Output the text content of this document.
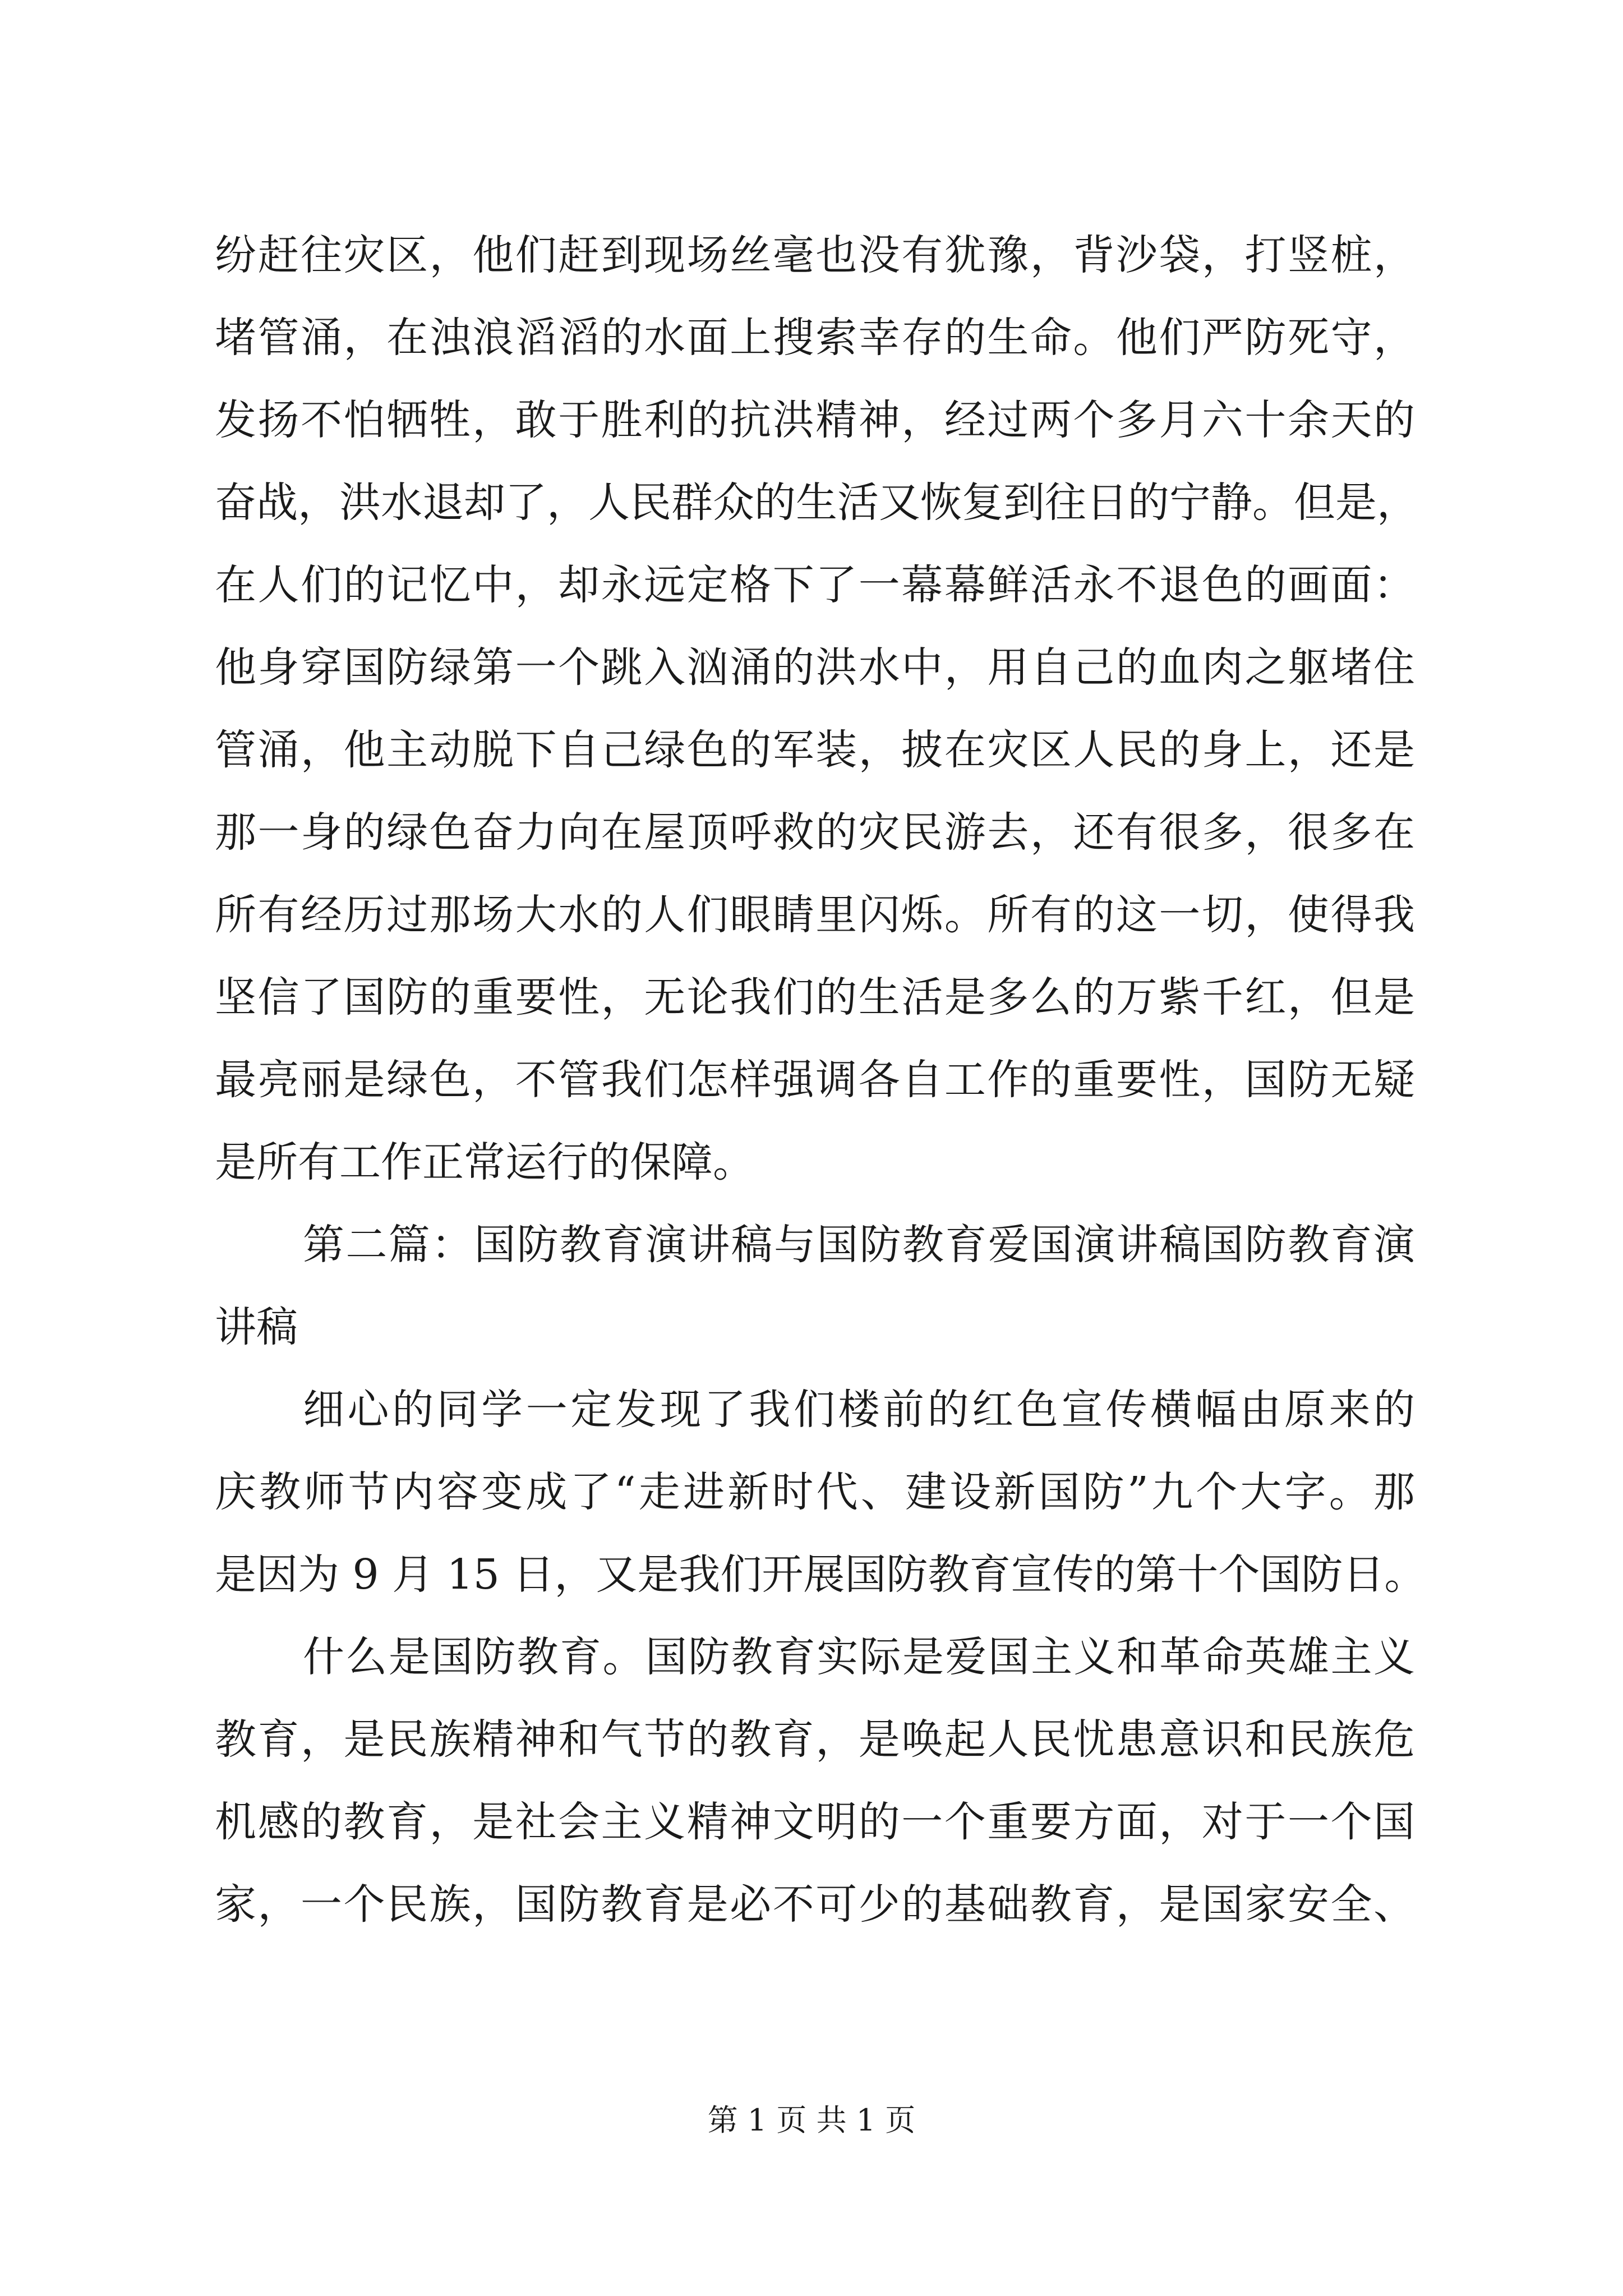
纷赶往灾区，他们赶到现场丝毫也没有犹豫，背沙袋，打竖桩，
堵管涌，在浊浪滔滔的水面上搜索幸存的生命。他们严防死守，
发扬不怕牺牲，敢于胜利的抗洪精神，经过两个多月六十余天的
奋战，洪水退却了，人民群众的生活又恢复到往日的宁静。但是，
在人们的记忆中，却永远定格下了一幕幕鲜活永不退色的画面：
他身穿国防绿第一个跳入汹涌的洪水中，用自己的血肉之躯堵住
管涌，他主动脱下自己绿色的军装，披在灾区人民的身上，还是
那一身的绿色奋力向在屋顶呼救的灾民游去，还有很多，很多在
所有经历过那场大水的人们眼睛里闪烁。所有的这一切，使得我
坚信了国防的重要性，无论我们的生活是多么的万紫千红，但是
最亮丽是绿色，不管我们怎样强调各自工作的重要性，国防无疑
是所有工作正常运行的保障。
第二篇：国防教育演讲稿与国防教育爱国演讲稿国防教育演
讲稿
细心的同学一定发现了我们楼前的红色宣传横幅由原来的
庆教师节内容变成了“走进新时代、建设新国防”九个大字。那
是因为 9 月 15 日，又是我们开展国防教育宣传的第十个国防日。
什么是国防教育。国防教育实际是爱国主义和革命英雄主义
教育，是民族精神和气节的教育，是唤起人民忧患意识和民族危
机感的教育，是社会主义精神文明的一个重要方面，对于一个国
家，一个民族，国防教育是必不可少的基础教育，是国家安全、
第 1 页 共 1 页
